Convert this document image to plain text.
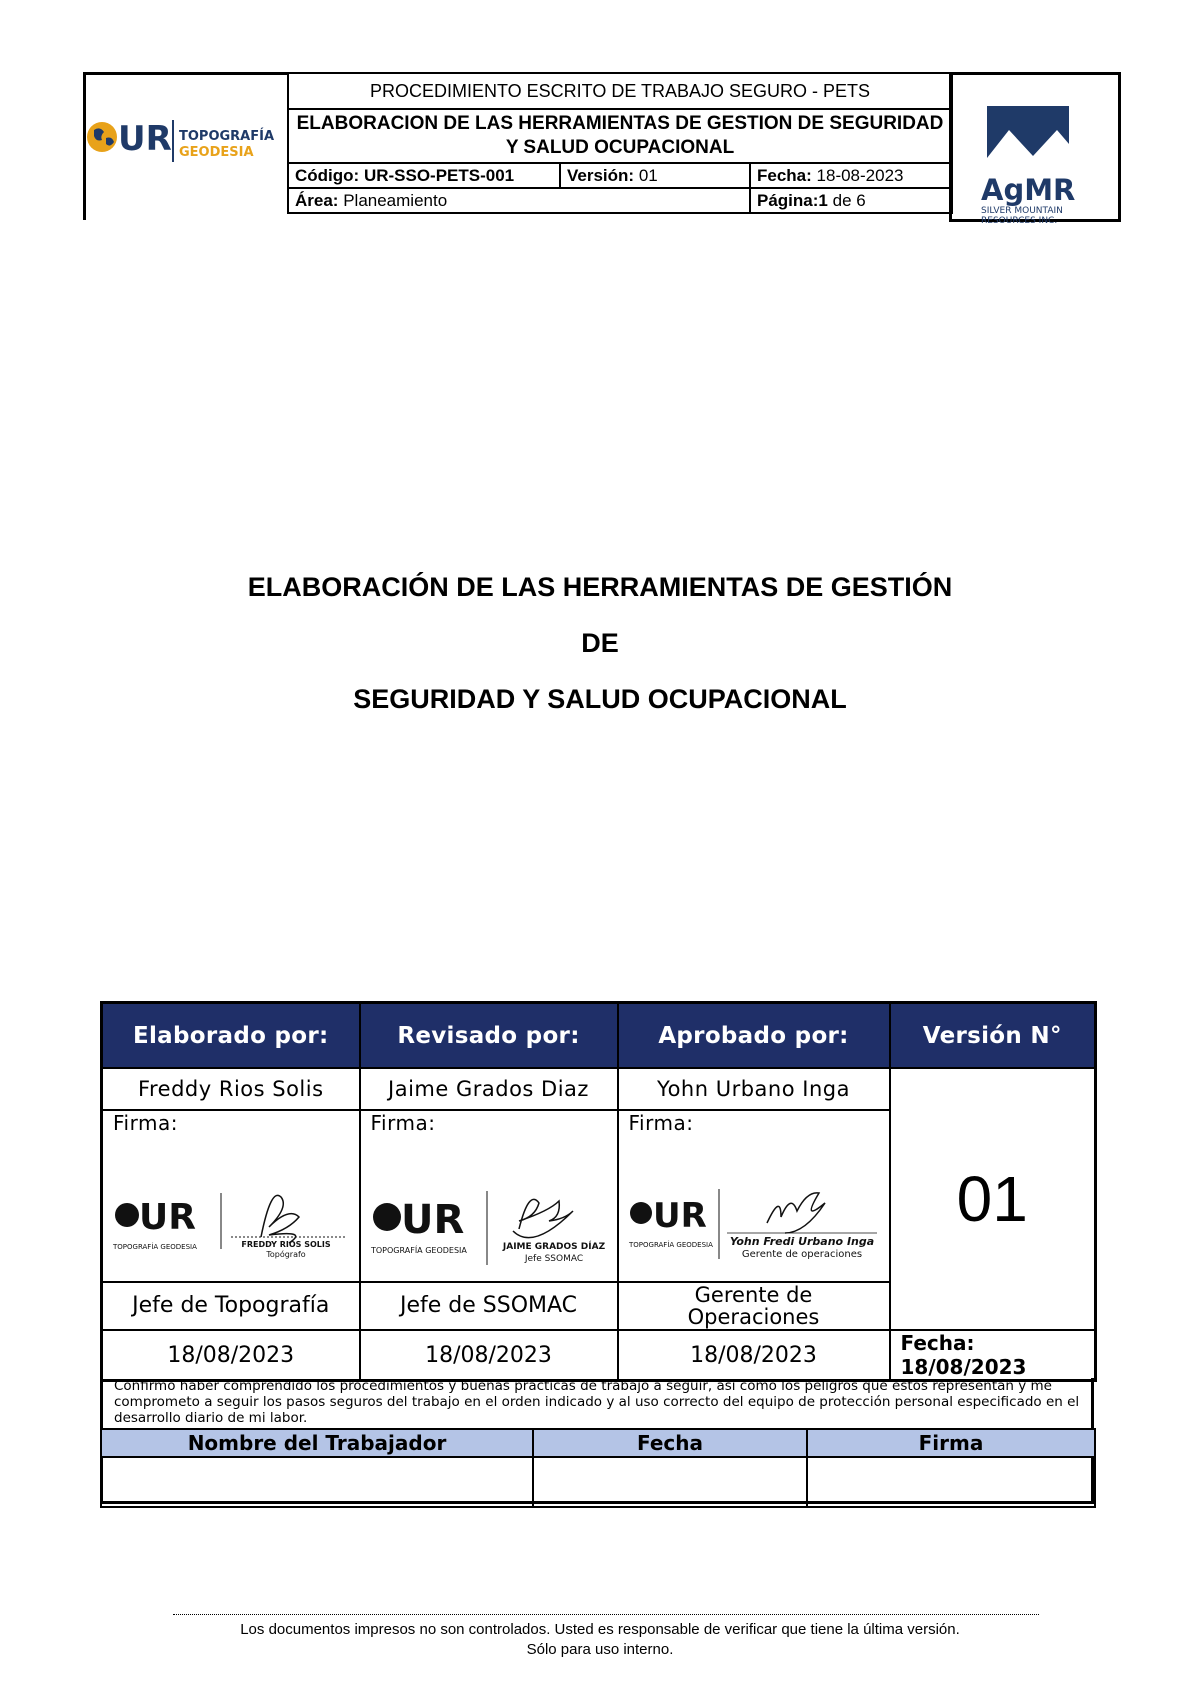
UR TOPOGRAFÍA
GEODESIA
PROCEDIMIENTO ESCRITO DE TRABAJO SEGURO - PETS		
ELABORACION DE LAS HERRAMIENTAS DE GESTION DE SEGURIDAD Y SALUD OCUPACIONAL		
Código: UR-SSO-PETS-001	Versión: 01	Fecha: 18-08-2023
Área: Planeamiento		Página:1 de 6	AgMR
SILVER MOUNTAIN
RESOURCES INC.
ELABORACIÓN DE LAS HERRAMIENTAS DE GESTIÓN
DE
SEGURIDAD Y SALUD OCUPACIONAL
Elaborado por:	Revisado por:	Aprobado por:	Versión N°
Freddy Rios Solis	Jaime Grados Diaz	Yohn Urbano Inga	01

Firma:
UR
TOPOGRAFÍA GEODESIA FREDDY RIOS SOLIS
Topógrafo	Firma:
UR
TOPOGRAFÍA GEODESIA JAIME GRADOS DÍAZ
Jefe SSOMAC	Firma:
UR
TOPOGRAFÍA GEODESIA Yohn Fredi Urbano Inga
Gerente de operaciones	

Jefe de Topografía	Jefe de SSOMAC	Gerente de Operaciones	
18/08/2023	18/08/2023	18/08/2023	Fecha:
18/08/2023
Confirmo haber comprendido los procedimientos y buenas prácticas de trabajo a seguir, así como los peligros que estos representan y me comprometo a seguir los pasos seguros del trabajo en el orden indicado y al uso correcto del equipo de protección personal especificado en el desarrollo diario de mi labor.
Nombre del Trabajador	Fecha	Firma

Los documentos impresos no son controlados. Usted es responsable de verificar que tiene la última versión.
Sólo para uso interno.
